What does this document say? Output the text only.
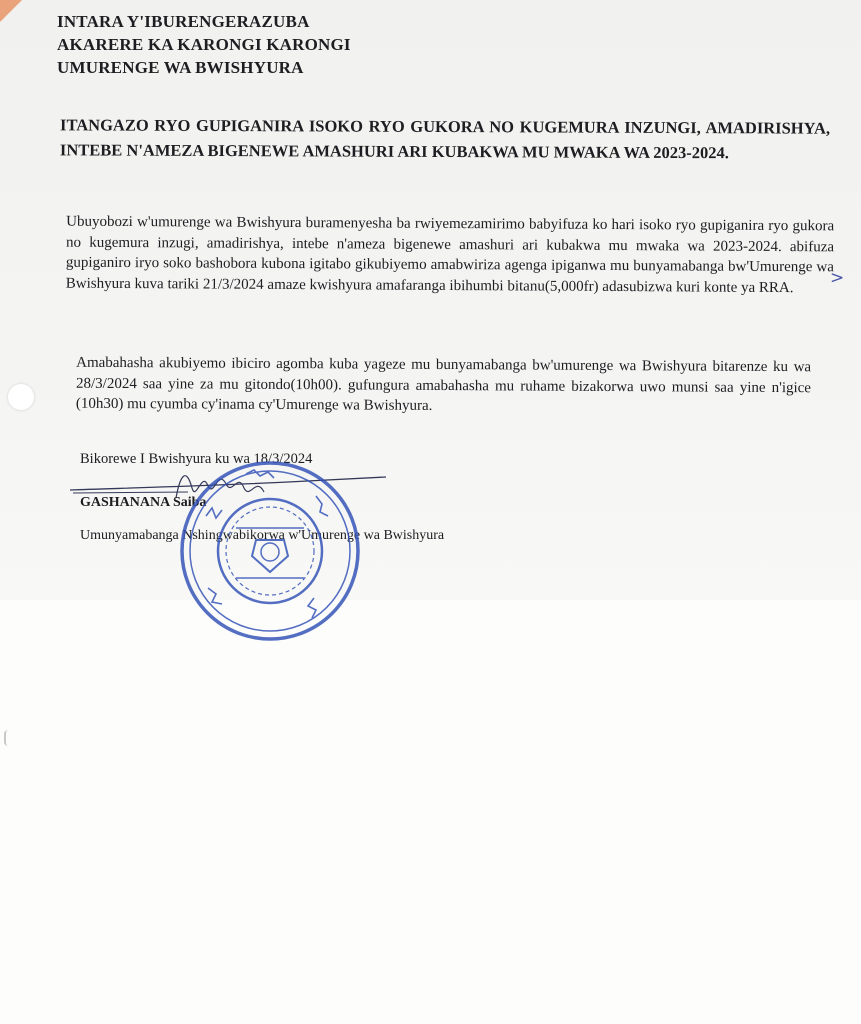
INTARA Y'IBURENGERAZUBA
AKARERE KA KARONGI KARONGI
UMURENGE WA BWISHYURA
ITANGAZO RYO GUPIGANIRA ISOKO RYO GUKORA NO KUGEMURA INZUNGI, AMADIRISHYA, INTEBE N'AMEZA BIGENEWE AMASHURI ARI KUBAKWA MU MWAKA WA 2023-2024.
Ubuyobozi w'umurenge wa Bwishyura buramenyesha ba rwiyemezamirimo babyifuza ko hari isoko ryo gupiganira ryo gukora no kugemura inzugi, amadirishya, intebe n'ameza bigenewe amashuri ari kubakwa mu mwaka wa 2023-2024. abifuza gupiganiro iryo soko bashobora kubona igitabo gikubiyemo amabwiriza agenga ipiganwa mu bunyamabanga bw'Umurenge wa Bwishyura kuva tariki 21/3/2024 amaze kwishyura amafaranga ibihumbi bitanu(5,000fr) adasubizwa kuri konte ya RRA.	>
Amabahasha akubiyemo ibiciro agomba kuba yageze mu bunyamabanga bw'umurenge wa Bwishyura bitarenze ku wa 28/3/2024 saa yine za mu gitondo(10h00). gufungura amabahasha mu ruhame bizakorwa uwo munsi saa yine n'igice (10h30) mu cyumba cy'inama cy'Umurenge wa Bwishyura.
Bikorewe I Bwishyura ku wa 18/3/2024
GASHANANA Saiba
Umunyamabanga Nshingwabikorwa w'Umurenge wa Bwishyura
